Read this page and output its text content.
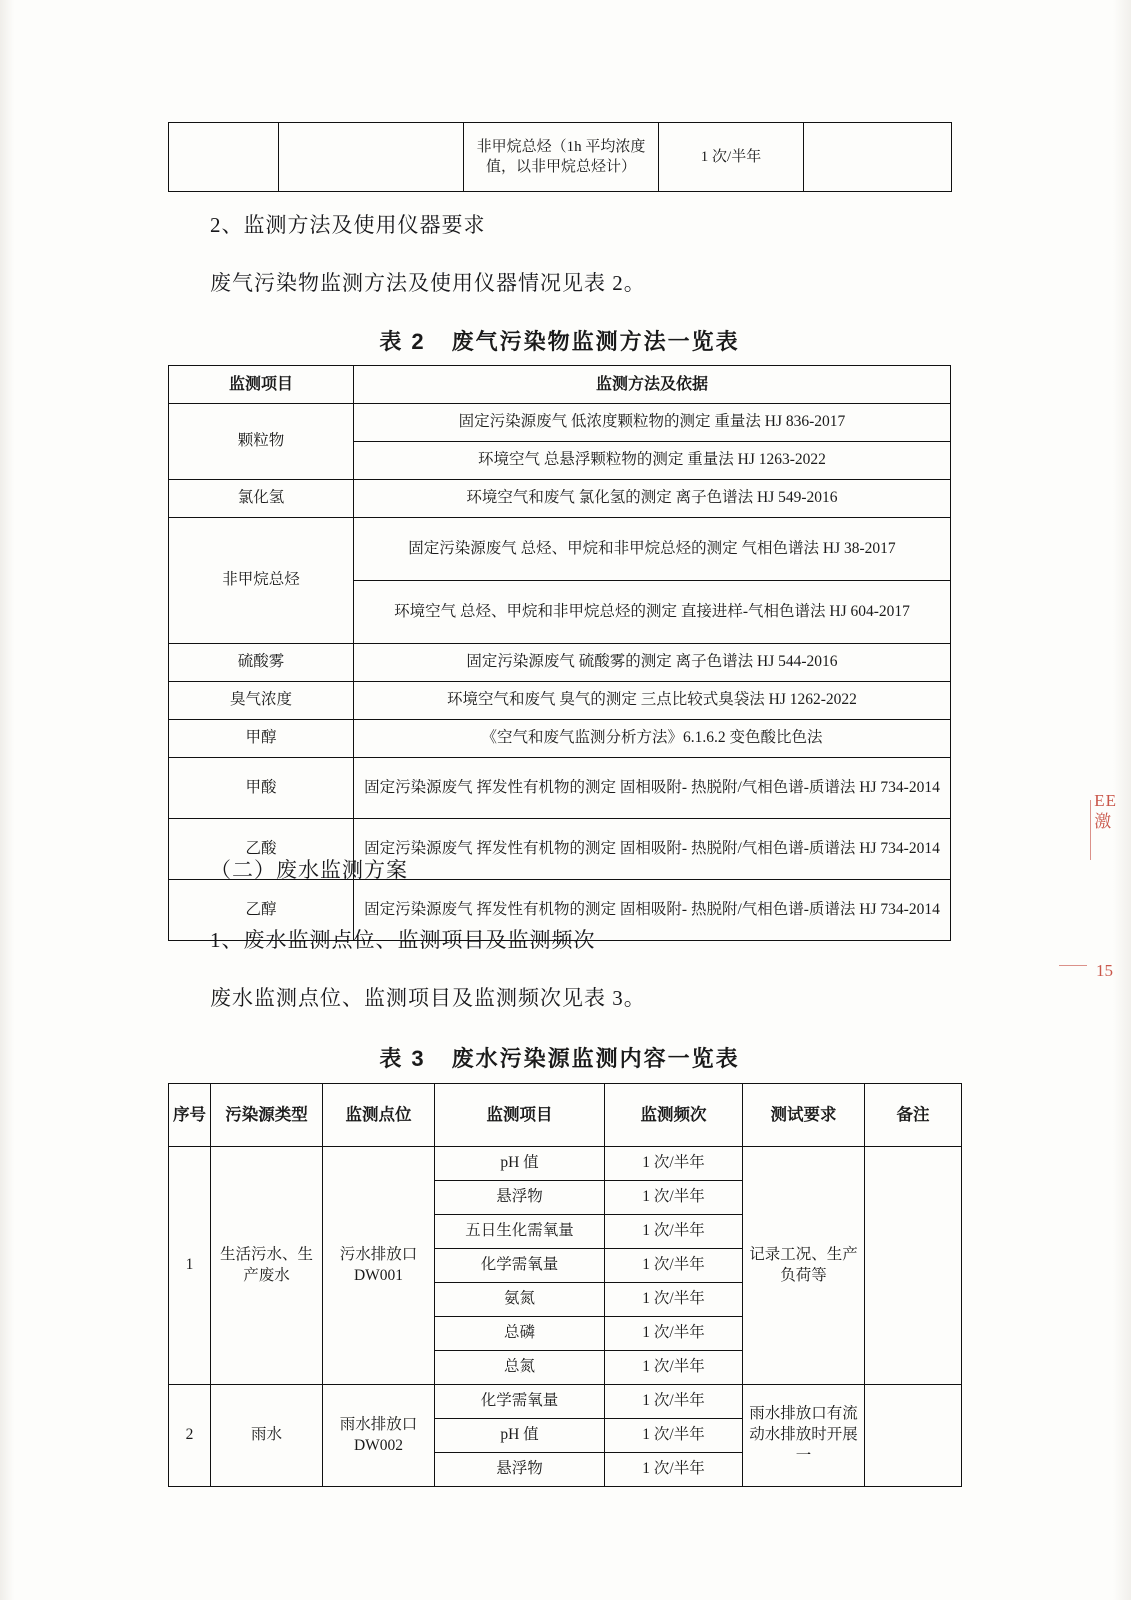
		非甲烷总烃（1h 平均浓度值，以非甲烷总烃计）	1 次/半年	

2、监测方法及使用仪器要求

废气污染物监测方法及使用仪器情况见表 2。

表 2 废气污染物监测方法一览表
监测项目	监测方法及依据
颗粒物	固定污染源废气 低浓度颗粒物的测定 重量法 HJ 836-2017
	环境空气 总悬浮颗粒物的测定 重量法 HJ 1263-2022
氯化氢	环境空气和废气 氯化氢的测定 离子色谱法 HJ 549-2016
非甲烷总烃	固定污染源废气 总烃、甲烷和非甲烷总烃的测定 气相色谱法 HJ 38-2017
	环境空气 总烃、甲烷和非甲烷总烃的测定 直接进样-气相色谱法 HJ 604-2017
硫酸雾	固定污染源废气 硫酸雾的测定 离子色谱法 HJ 544-2016
臭气浓度	环境空气和废气 臭气的测定 三点比较式臭袋法 HJ 1262-2022
甲醇	《空气和废气监测分析方法》6.1.6.2 变色酸比色法
甲酸	固定污染源废气 挥发性有机物的测定 固相吸附- 热脱附/气相色谱-质谱法 HJ 734-2014
乙酸	固定污染源废气 挥发性有机物的测定 固相吸附- 热脱附/气相色谱-质谱法 HJ 734-2014
乙醇	固定污染源废气 挥发性有机物的测定 固相吸附- 热脱附/气相色谱-质谱法 HJ 734-2014

（二）废水监测方案

1、废水监测点位、监测项目及监测频次

废水监测点位、监测项目及监测频次见表 3。

表 3 废水污染源监测内容一览表
序号	污染源类型	监测点位	监测项目	监测频次	测试要求	备注
1	生活污水、生产废水	污水排放口 DW001	pH 值	1 次/半年	记录工况、生产负荷等	
			悬浮物	1 次/半年		
			五日生化需氧量	1 次/半年		
			化学需氧量	1 次/半年		
			氨氮	1 次/半年		
			总磷	1 次/半年		
			总氮	1 次/半年		
2	雨水	雨水排放口 DW002	化学需氧量	1 次/半年	雨水排放口有流动水排放时开展一	
			pH 值	1 次/半年		
			悬浮物	1 次/半年		
EE
激
15
